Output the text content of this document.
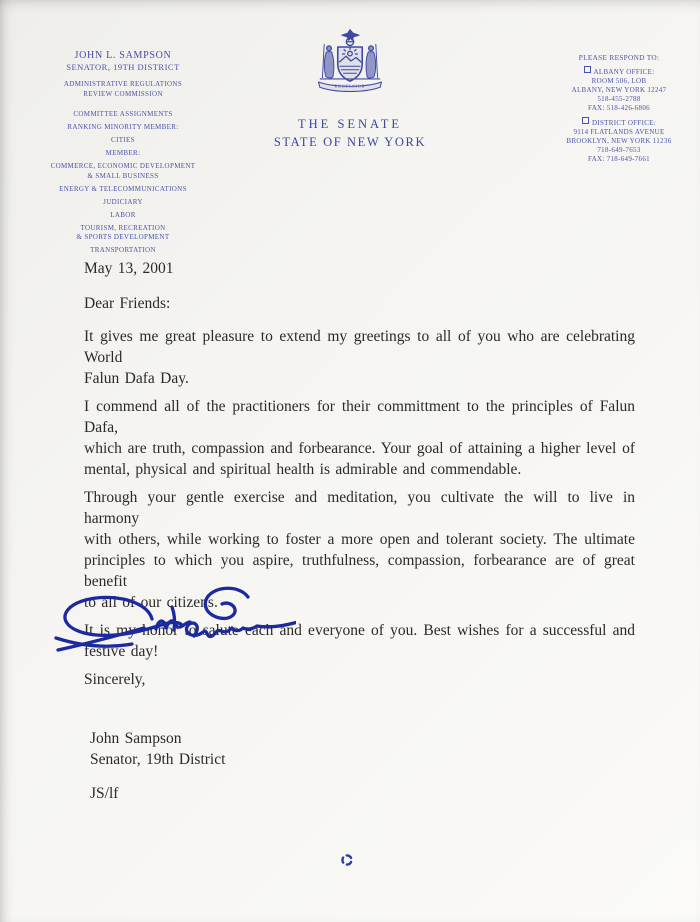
JOHN L. SAMPSON
SENATOR, 19TH DISTRICT
ADMINISTRATIVE REGULATIONS
REVIEW COMMISSION
COMMITTEE ASSIGNMENTS
RANKING MINORITY MEMBER:
CITIES
MEMBER:
COMMERCE, ECONOMIC DEVELOPMENT
& SMALL BUSINESS
ENERGY & TELECOMMUNICATIONS
JUDICIARY
LABOR
TOURISM, RECREATION
& SPORTS DEVELOPMENT
TRANSPORTATION
EXCELSIOR
THE SENATE
STATE OF NEW YORK
PLEASE RESPOND TO:
ALBANY OFFICE:
ROOM 506, LOB
ALBANY, NEW YORK 12247
518-455-2788
FAX: 518-426-6806
DISTRICT OFFICE:
9114 FLATLANDS AVENUE
BROOKLYN, NEW YORK 11236
718-649-7653
FAX: 718-649-7661
May 13, 2001
Dear Friends:
It gives me great pleasure to extend my greetings to all of you who are celebrating World
Falun Dafa Day.
I commend all of the practitioners for their committment to the principles of Falun Dafa,
which are truth, compassion and forbearance. Your goal of attaining a higher level of
mental, physical and spiritual health is admirable and commendable.
Through your gentle exercise and meditation, you cultivate the will to live in harmony
with others, while working to foster a more open and tolerant society. The ultimate
principles to which you aspire, truthfulness, compassion, forbearance are of great benefit
to all of our citizens.
It is my honor to salute each and everyone of you. Best wishes for a successful and
festive day!
Sincerely,
John Sampson
Senator, 19th District
JS/lf
